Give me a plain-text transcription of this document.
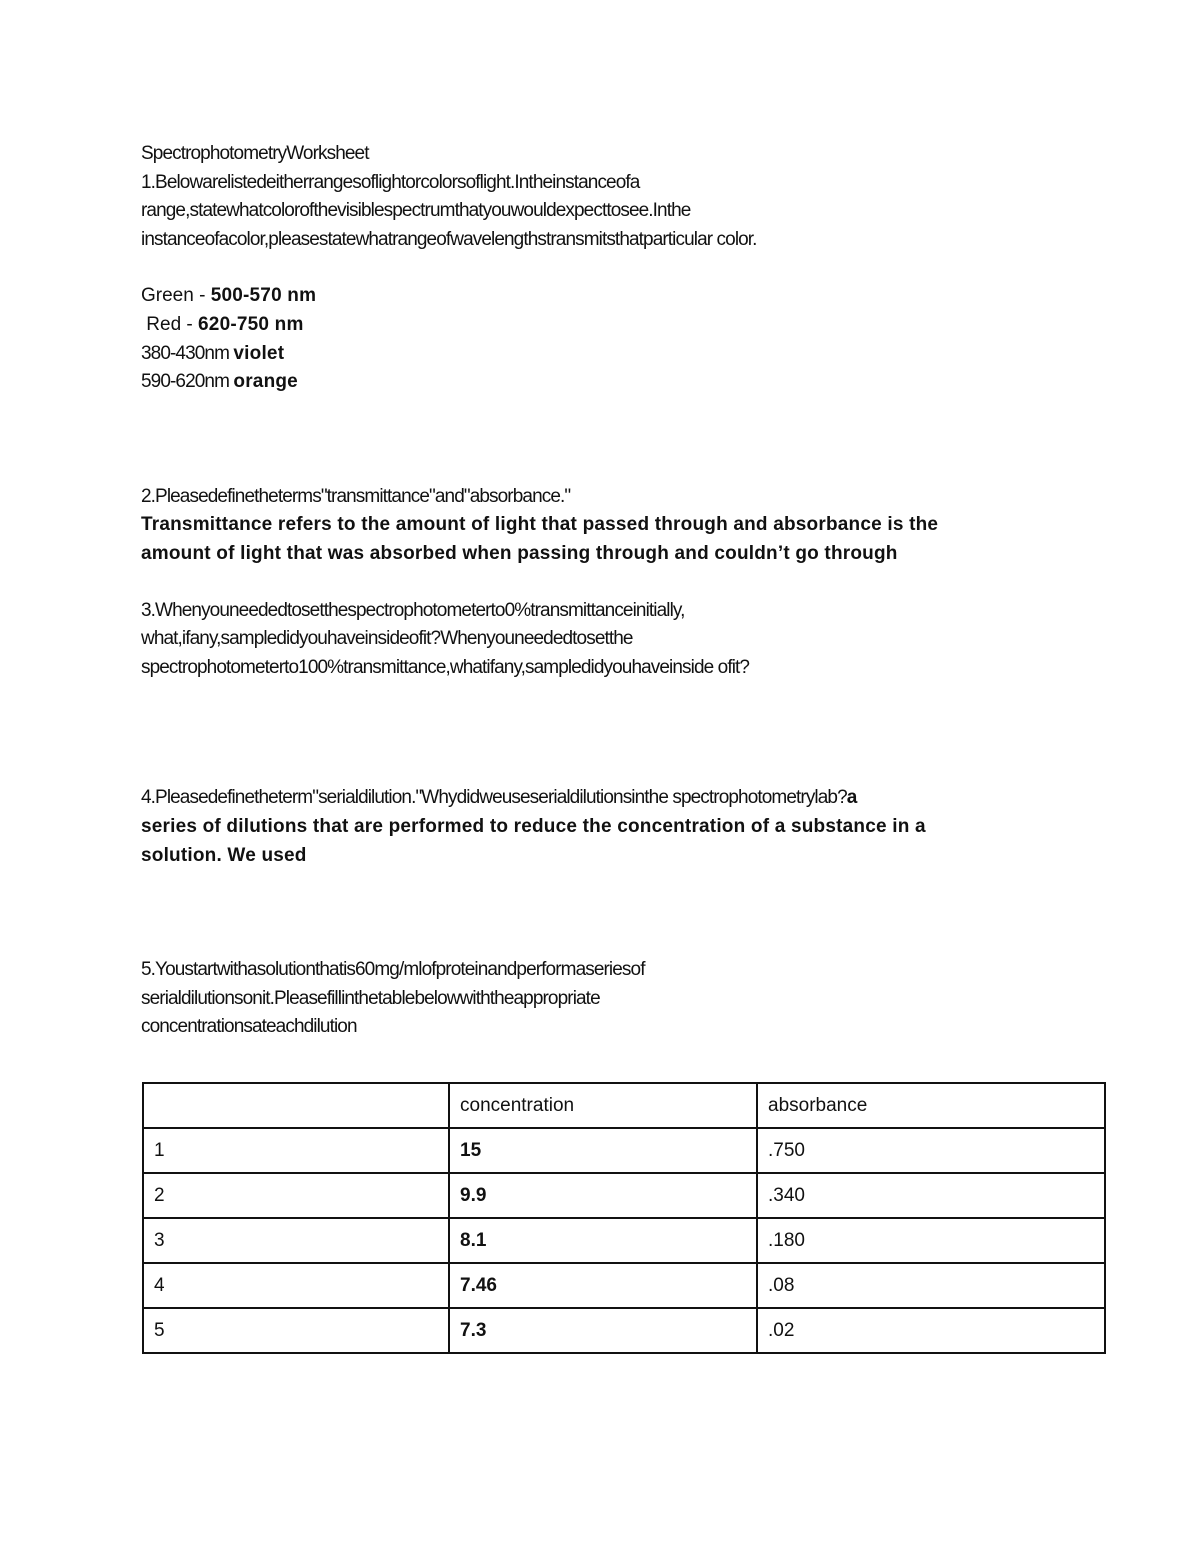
SpectrophotometryWorksheet

1.Belowarelistedeitherrangesoflightorcolorsoflight.Intheinstanceofa

range,statewhatcolorofthevisiblespectrumthatyouwouldexpecttosee.Inthe

instanceofacolor,pleasestatewhatrangeofwavelengthstransmitsthatparticular color.

Green - 500-570 nm

Red - 620-750 nm

380-430nm violet

590-620nm orange

2.Pleasedefinetheterms"transmittance"and"absorbance."

Transmittance refers to the amount of light that passed through and absorbance is the

amount of light that was absorbed when passing through and couldn’t go through

3.Whenyouneededtosetthespectrophotometerto0%transmittanceinitially,

what,ifany,sampledidyouhaveinsideofit?Whenyouneededtosetthe

spectrophotometerto100%transmittance,whatifany,sampledidyouhaveinside ofit?

4.Pleasedefinetheterm"serialdilution."Whydidweuseserialdilutionsinthe spectrophotometrylab?a

series of dilutions that are performed to reduce the concentration of a substance in a

solution. We used

5.Youstartwithasolutionthatis60mg/mlofproteinandperformaseriesof

serialdilutionsonit.Pleasefillinthetablebelowwiththeappropriate

concentrationsateachdilution

	concentration	absorbance
1	15	.750
2	9.9	.340
3	8.1	.180
4	7.46	.08
5	7.3	.02
